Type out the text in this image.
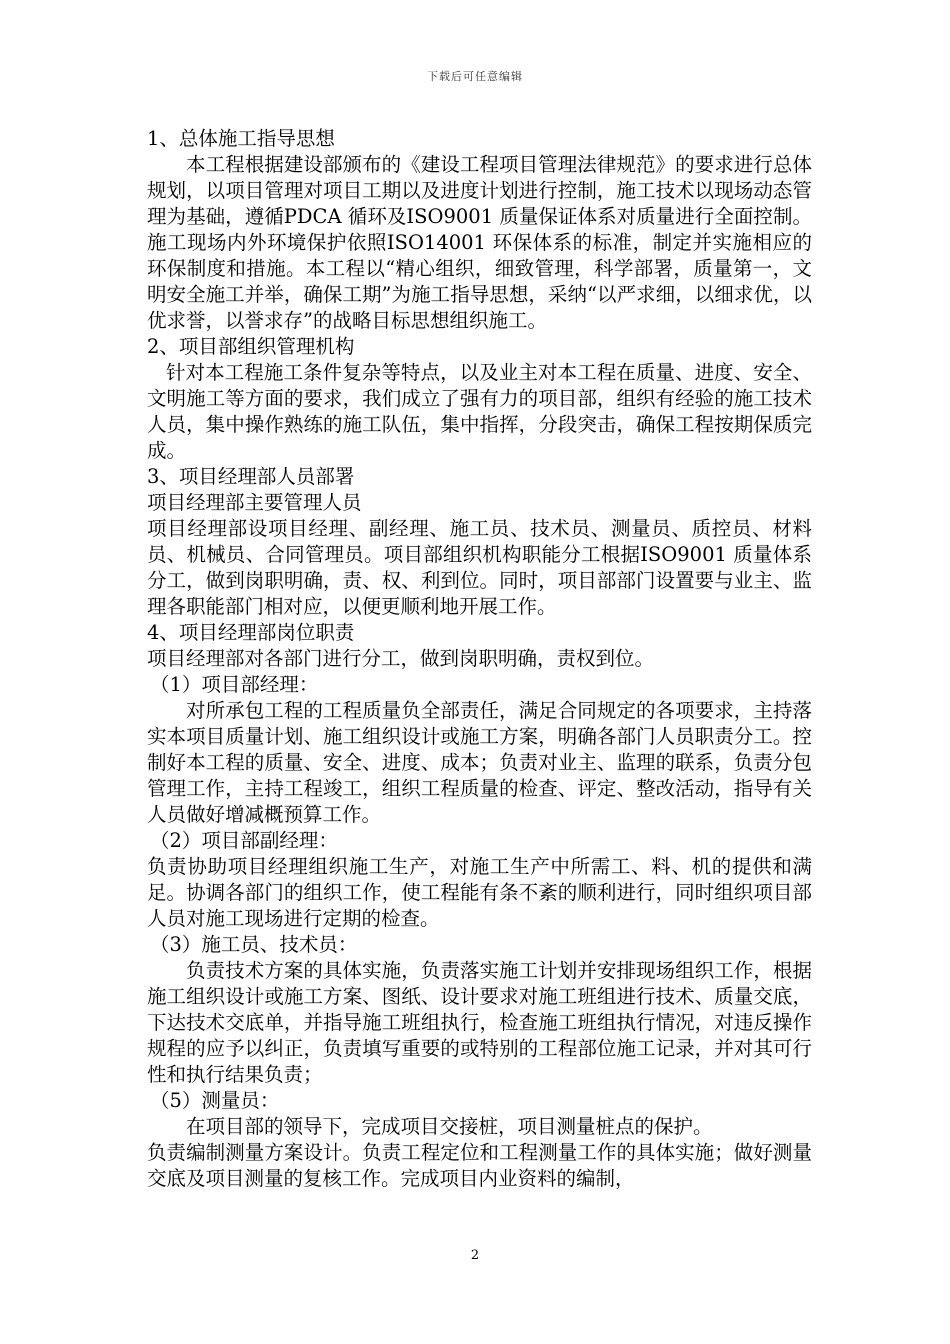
下载后可任意编辑

1、总体施工指导思想

本工程根据建设部颁布的《建设工程项目管理法律规范》的要求进行总体规划，以项目管理对项目工期以及进度计划进行控制，施工技术以现场动态管理为基础，遵循PDCA 循环及ISO9001 质量保证体系对质量进行全面控制。施工现场内外环境保护依照ISO14001 环保体系的标准，制定并实施相应的环保制度和措施。本工程以“精心组织，细致管理，科学部署，质量第一，文明安全施工并举，确保工期”为施工指导思想，采纳“以严求细，以细求优，以优求誉，以誉求存”的战略目标思想组织施工。

2、项目部组织管理机构

针对本工程施工条件复杂等特点，以及业主对本工程在质量、进度、安全、文明施工等方面的要求，我们成立了强有力的项目部，组织有经验的施工技术人员，集中操作熟练的施工队伍，集中指挥，分段突击，确保工程按期保质完成。

3、项目经理部人员部署

项目经理部主要管理人员

项目经理部设项目经理、副经理、施工员、技术员、测量员、质控员、材料员、机械员、合同管理员。项目部组织机构职能分工根据ISO9001 质量体系分工，做到岗职明确，责、权、利到位。同时，项目部部门设置要与业主、监理各职能部门相对应，以便更顺利地开展工作。

4、项目经理部岗位职责

项目经理部对各部门进行分工，做到岗职明确，责权到位。

（1）项目部经理：

对所承包工程的工程质量负全部责任，满足合同规定的各项要求，主持落实本项目质量计划、施工组织设计或施工方案，明确各部门人员职责分工。控制好本工程的质量、安全、进度、成本；负责对业主、监理的联系，负责分包管理工作，主持工程竣工，组织工程质量的检查、评定、整改活动，指导有关人员做好增减概预算工作。

（2）项目部副经理：

负责协助项目经理组织施工生产，对施工生产中所需工、料、机的提供和满足。协调各部门的组织工作，使工程能有条不紊的顺利进行，同时组织项目部人员对施工现场进行定期的检查。

（3）施工员、技术员：

负责技术方案的具体实施，负责落实施工计划并安排现场组织工作，根据施工组织设计或施工方案、图纸、设计要求对施工班组进行技术、质量交底，下达技术交底单，并指导施工班组执行，检查施工班组执行情况，对违反操作规程的应予以纠正，负责填写重要的或特别的工程部位施工记录，并对其可行性和执行结果负责；

（5）测量员：

在项目部的领导下，完成项目交接桩，项目测量桩点的保护。

负责编制测量方案设计。负责工程定位和工程测量工作的具体实施；做好测量交底及项目测量的复核工作。完成项目内业资料的编制，

2
